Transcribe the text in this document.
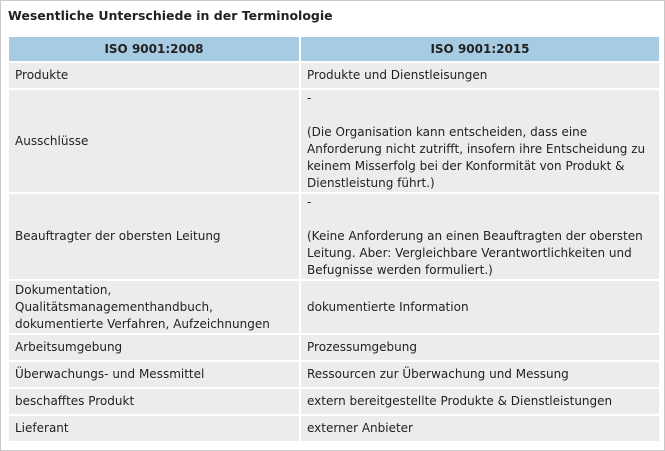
Wesentliche Unterschiede in der Terminologie
ISO 9001:2008	ISO 9001:2015
Produkte	Produkte und Dienstleisungen
Ausschlüsse	-
(Die Organisation kann entscheiden, dass eine Anforderung nicht zutrifft, insofern ihre Entscheidung zu keinem Misserfolg bei der Konformität von Produkt & Dienstleistung führt.)

Beauftragter der obersten Leitung	-
(Keine Anforderung an einen Beauftragten der obersten Leitung. Aber: Vergleichbare Verantwortlichkeiten und Befugnisse werden formuliert.)

Dokumentation, Qualitätsmanagementhandbuch, dokumentierte Verfahren, Aufzeichnungen	dokumentierte Information
Arbeitsumgebung	Prozessumgebung
Überwachungs- und Messmittel	Ressourcen zur Überwachung und Messung
beschafftes Produkt	extern bereitgestellte Produkte & Dienstleistungen
Lieferant	externer Anbieter
